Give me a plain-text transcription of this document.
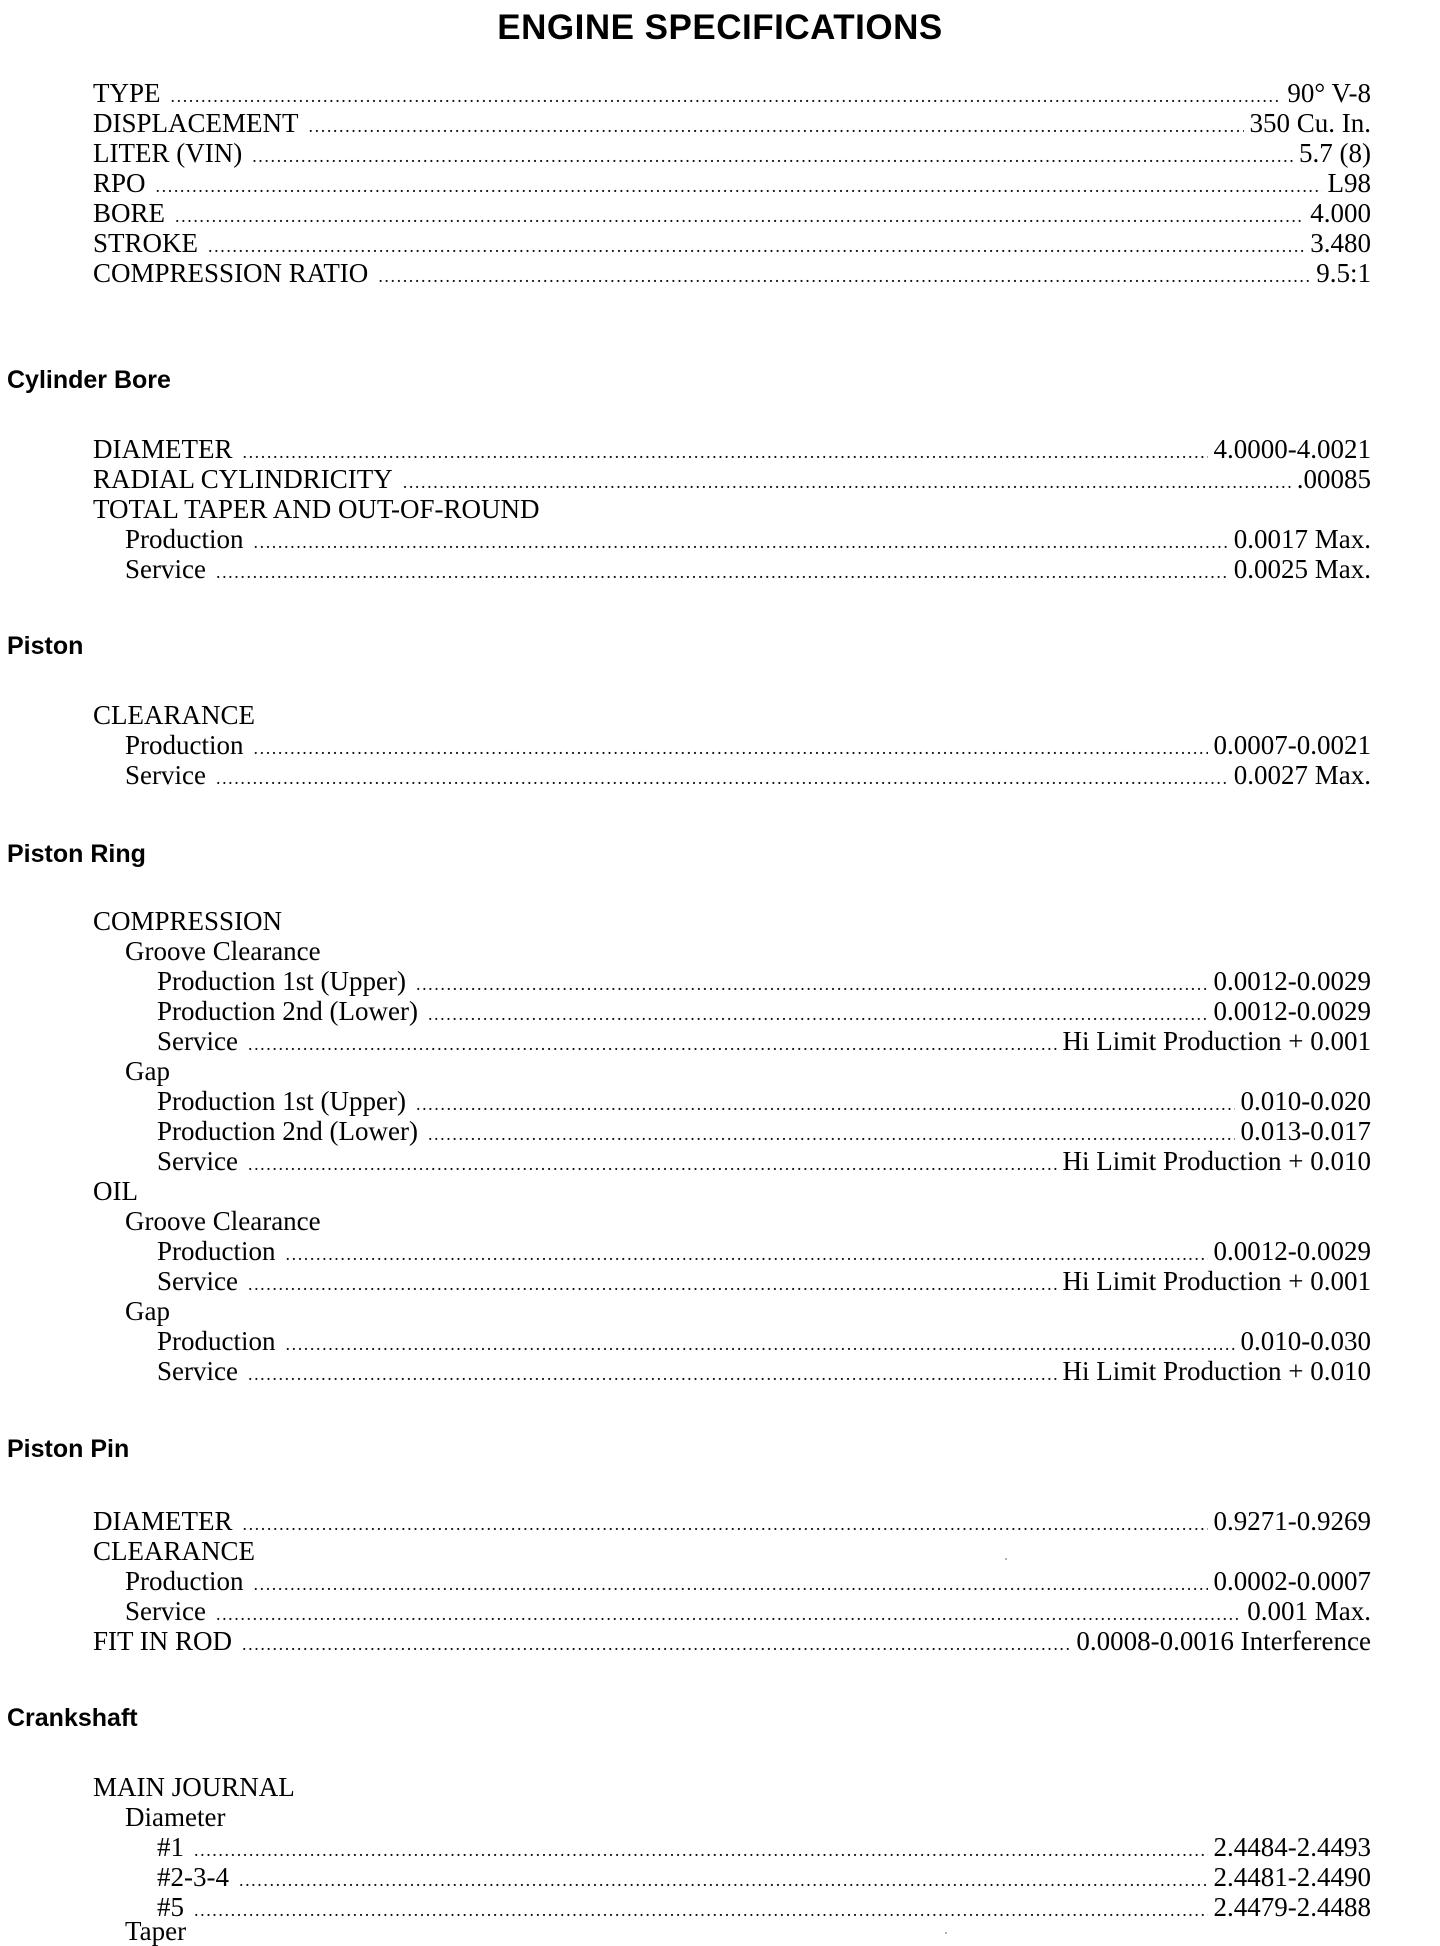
ENGINE SPECIFICATIONS
TYPE .....	90° V-8
DISPLACEMENT .....	350 Cu. In.
LITER (VIN) .....	5.7 (8)
RPO .....	L98
BORE .....	4.000
STROKE .....	3.480
COMPRESSION RATIO .....	9.5:1
Cylinder Bore
DIAMETER .....	4.0000-4.0021
RADIAL CYLINDRICITY .....	.00085
TOTAL TAPER AND OUT-OF-ROUND
Production .....	0.0017 Max.
Service .....	0.0025 Max.
Piston
CLEARANCE
Production .....	0.0007-0.0021
Service .....	0.0027 Max.
Piston Ring
COMPRESSION
Groove Clearance
Production 1st (Upper) .....	0.0012-0.0029
Production 2nd (Lower) .....	0.0012-0.0029
Service .....	Hi Limit Production + 0.001
Gap
Production 1st (Upper) .....	0.010-0.020
Production 2nd (Lower) .....	0.013-0.017
Service .....	Hi Limit Production + 0.010
OIL
Groove Clearance
Production .....	0.0012-0.0029
Service .....	Hi Limit Production + 0.001
Gap
Production .....	0.010-0.030
Service .....	Hi Limit Production + 0.010
Piston Pin
DIAMETER .....	0.9271-0.9269
CLEARANCE
Production .....	0.0002-0.0007
Service .....	0.001 Max.
FIT IN ROD .....	0.0008-0.0016 Interference
Crankshaft
MAIN JOURNAL
Diameter
#1 .....	2.4484-2.4493
#2-3-4 .....	2.4481-2.4490
#5 .....	2.4479-2.4488
Taper
